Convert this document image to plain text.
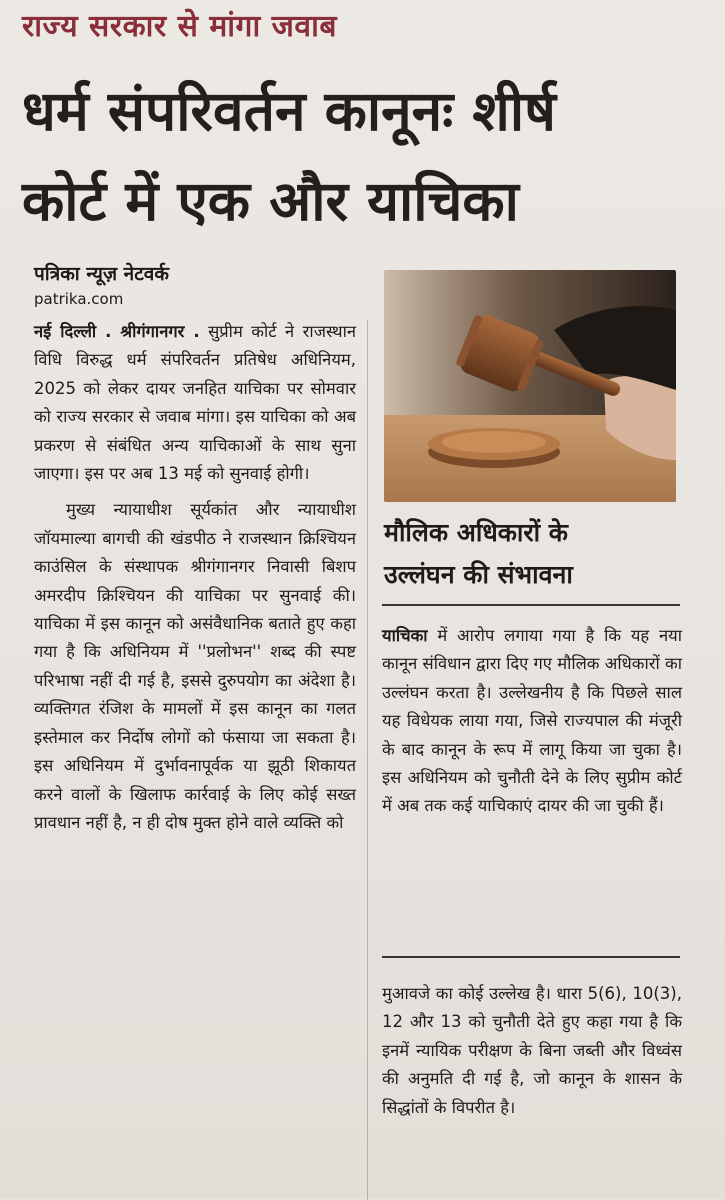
राज्य सरकार से मांगा जवाब
धर्म संपरिवर्तन कानूनः शीर्ष
कोर्ट में एक और याचिका
पत्रिका न्यूज़ नेटवर्क
patrika.com

नई दिल्ली . श्रीगंगानगर . सुप्रीम कोर्ट ने राजस्थान विधि विरुद्ध धर्म संपरिवर्तन प्रतिषेध अधिनियम, 2025 को लेकर दायर जनहित याचिका पर सोमवार को राज्य सरकार से जवाब मांगा। इस याचिका को अब प्रकरण से संबंधित अन्य याचिकाओं के साथ सुना जाएगा। इस पर अब 13 मई को सुनवाई होगी।

मुख्य न्यायाधीश सूर्यकांत और न्यायाधीश जॉयमाल्या बागची की खंडपीठ ने राजस्थान क्रिश्चियन काउंसिल के संस्थापक श्रीगंगानगर निवासी बिशप अमरदीप क्रिश्चियन की याचिका पर सुनवाई की। याचिका में इस कानून को असंवैधानिक बताते हुए कहा गया है कि अधिनियम में ''प्रलोभन'' शब्द की स्पष्ट परिभाषा नहीं दी गई है, इससे दुरुपयोग का अंदेशा है। व्यक्तिगत रंजिश के मामलों में इस कानून का गलत इस्तेमाल कर निर्दोष लोगों को फंसाया जा सकता है। इस अधिनियम में दुर्भावनापूर्वक या झूठी शिकायत करने वालों के खिलाफ कार्रवाई के लिए कोई सख्त प्रावधान नहीं है, न ही दोष मुक्त होने वाले व्यक्ति को

मौलिक अधिकारों के
उल्लंघन की संभावना

याचिका में आरोप लगाया गया है कि यह नया कानून संविधान द्वारा दिए गए मौलिक अधिकारों का उल्लंघन करता है। उल्लेखनीय है कि पिछले साल यह विधेयक लाया गया, जिसे राज्यपाल की मंजूरी के बाद कानून के रूप में लागू किया जा चुका है। इस अधिनियम को चुनौती देने के लिए सुप्रीम कोर्ट में अब तक कई याचिकाएं दायर की जा चुकी हैं।

मुआवजे का कोई उल्लेख है। धारा 5(6), 10(3), 12 और 13 को चुनौती देते हुए कहा गया है कि इनमें न्यायिक परीक्षण के बिना जब्ती और विध्वंस की अनुमति दी गई है, जो कानून के शासन के सिद्धांतों के विपरीत है।
